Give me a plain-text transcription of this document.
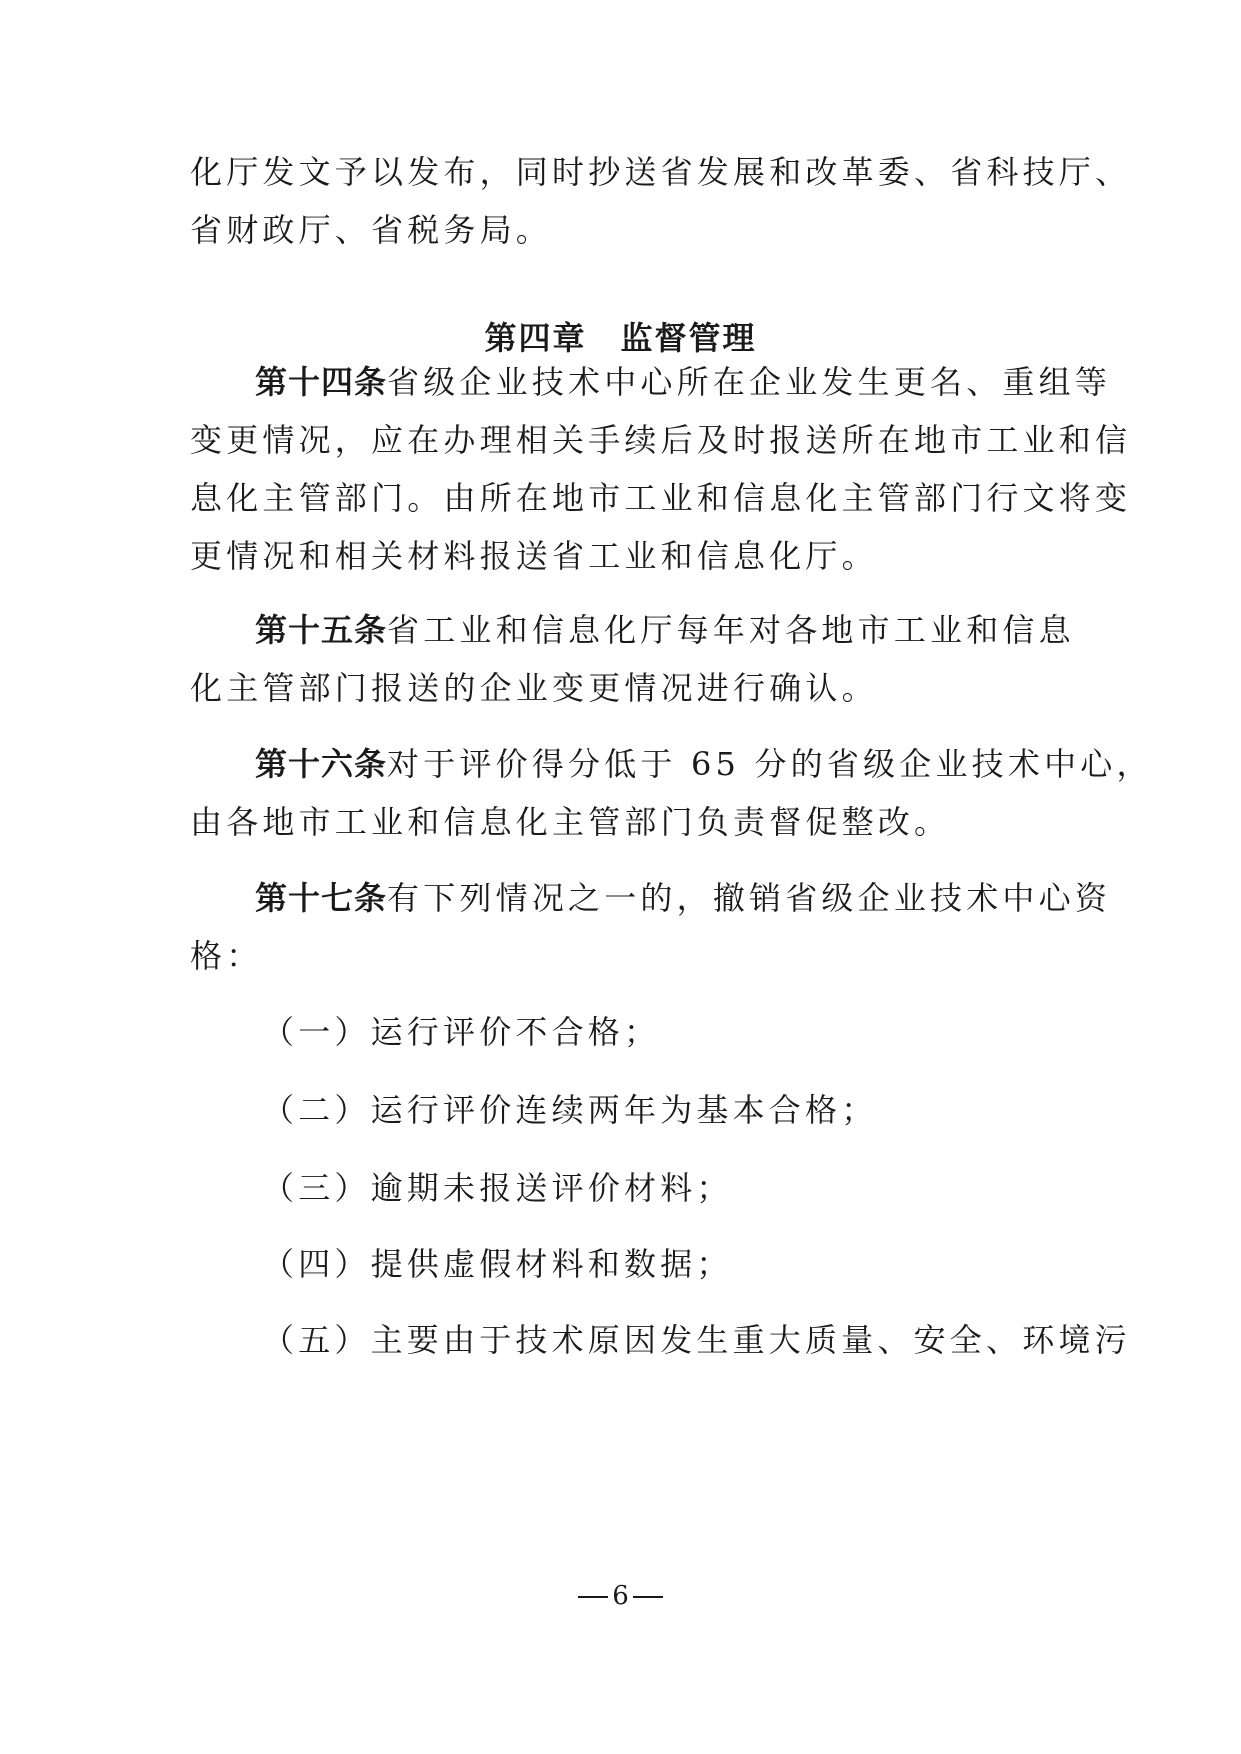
化厅发文予以发布，同时抄送省发展和改革委、省科技厅、
省财政厅、省税务局。
第四章　监督管理
第十四条省级企业技术中心所在企业发生更名、重组等
变更情况，应在办理相关手续后及时报送所在地市工业和信
息化主管部门。由所在地市工业和信息化主管部门行文将变
更情况和相关材料报送省工业和信息化厅。
第十五条省工业和信息化厅每年对各地市工业和信息
化主管部门报送的企业变更情况进行确认。
第十六条对于评价得分低于 65 分的省级企业技术中心，
由各地市工业和信息化主管部门负责督促整改。
第十七条有下列情况之一的，撤销省级企业技术中心资
格：
（一）运行评价不合格；
（二）运行评价连续两年为基本合格；
（三）逾期未报送评价材料；
（四）提供虚假材料和数据；
（五）主要由于技术原因发生重大质量、安全、环境污
6
